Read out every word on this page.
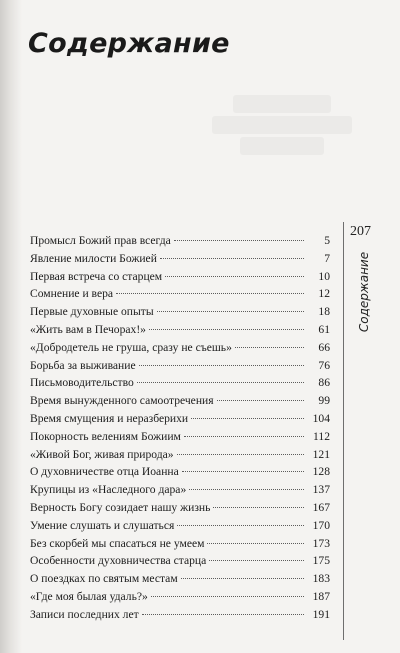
Содержание
Промысл Божий прав всегда	5
Явление милости Божией	7
Первая встреча со старцем	10
Сомнение и вера	12
Первые духовные опыты	18
«Жить вам в Печорах!»	61
«Добродетель не груша, сразу не съешь»	66
Борьба за выживание	76
Письмоводительство	86
Время вынужденного самоотречения	99
Время смущения и неразберихи	104
Покорность велениям Божиим	112
«Живой Бог, живая природа»	121
О духовничестве отца Иоанна	128
Крупицы из «Наследного дара»	137
Верность Богу созидает нашу жизнь	167
Умение слушать и слушаться	170
Без скорбей мы спасаться не умеем	173
Особенности духовничества старца	175
О поездках по святым местам	183
«Где моя былая удаль?»	187
Записи последних лет	191
207
Содержание
